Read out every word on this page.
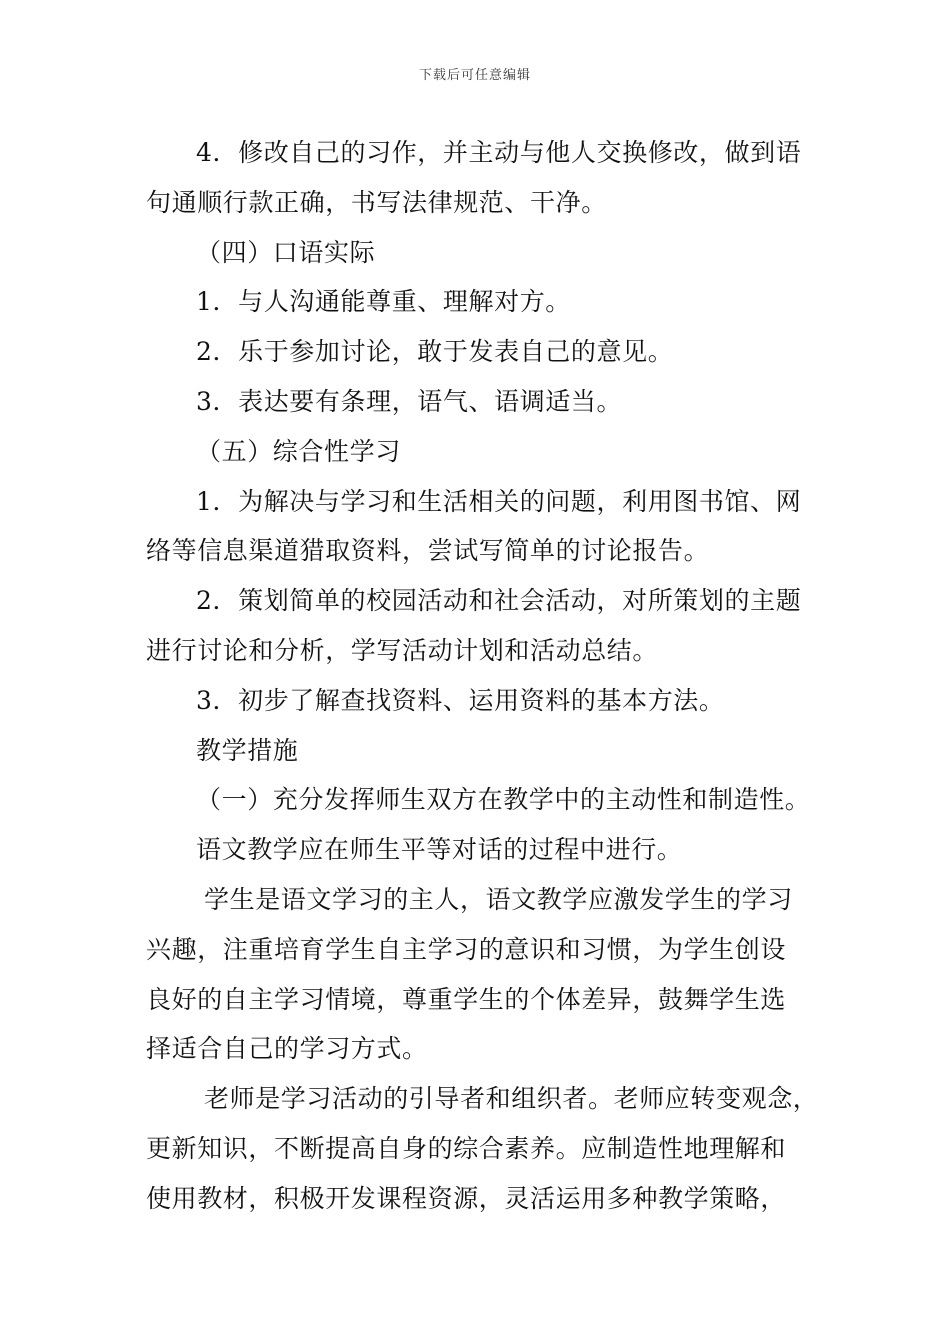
下载后可任意编辑
4．修改自己的习作，并主动与他人交换修改，做到语
句通顺行款正确，书写法律规范、干净。
（四）口语实际
1．与人沟通能尊重、理解对方。
2．乐于参加讨论，敢于发表自己的意见。
3．表达要有条理，语气、语调适当。
（五）综合性学习
1．为解决与学习和生活相关的问题，利用图书馆、网
络等信息渠道猎取资料，尝试写简单的讨论报告。
2．策划简单的校园活动和社会活动，对所策划的主题
进行讨论和分析，学写活动计划和活动总结。
3．初步了解查找资料、运用资料的基本方法。
教学措施
（一）充分发挥师生双方在教学中的主动性和制造性。
语文教学应在师生平等对话的过程中进行。
学生是语文学习的主人，语文教学应激发学生的学习
兴趣，注重培育学生自主学习的意识和习惯，为学生创设
良好的自主学习情境，尊重学生的个体差异，鼓舞学生选
择适合自己的学习方式。
老师是学习活动的引导者和组织者。老师应转变观念，
更新知识，不断提高自身的综合素养。应制造性地理解和
使用教材，积极开发课程资源，灵活运用多种教学策略，
